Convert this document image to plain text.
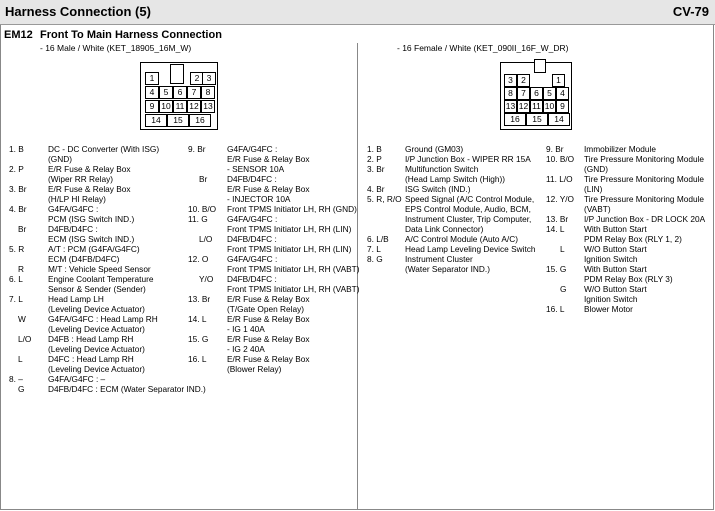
Harness Connection (5)	CV-79
EM12 Front To Main Harness Connection
- 16 Male / White (KET_18905_16M_W)	- 16 Female / White (KET_090II_16F_W_DR)
1	2 3
4	5	6	7	8
9 10 11 12 13
14	15	16
3 2	1
8 7 6 5 4
13 12 11 10 9
16	15	14
1. B	DC - DC Converter (With ISG)
(GND)
2. P	E/R Fuse & Relay Box
(Wiper RR Relay)
3. Br	E/R Fuse & Relay Box
(H/LP HI Relay)
4. Br	G4FA/G4FC :
PCM (ISG Switch IND.)
Br	D4FB/D4FC :
ECM (ISG Switch IND.)
5. R	A/T : PCM (G4FA/G4FC)
ECM (D4FB/D4FC)
R	M/T : Vehicle Speed Sensor
6. L	Engine Coolant Temperature
Sensor & Sender (Sender)
7. L	Head Lamp LH
(Leveling Device Actuator)
W	G4FA/G4FC : Head Lamp RH
(Leveling Device Actuator)
L/O D4FB : Head Lamp RH
(Leveling Device Actuator)
L	D4FC : Head Lamp RH
(Leveling Device Actuator)
8. –	G4FA/G4FC : –
G	D4FB/D4FC : ECM (Water Separator IND.)
9. Br	G4FA/G4FC :
E/R Fuse & Relay Box
- SENSOR 10A
Br D4FB/D4FC :
E/R Fuse & Relay Box
- INJECTOR 10A
10. B/O Front TPMS Initiator LH, RH (GND)
11. G G4FA/G4FC :
Front TPMS Initiator LH, RH (LIN)
L/O D4FB/D4FC :
Front TPMS Initiator LH, RH (LIN)
12. O G4FA/G4FC :
Front TPMS Initiator LH, RH (VABT)
Y/O D4FB/D4FC :
Front TPMS Initiator LH, RH (VABT)
13. Br E/R Fuse & Relay Box
(T/Gate Open Relay)
14. L E/R Fuse & Relay Box
- IG 1 40A
15. G E/R Fuse & Relay Box
- IG 2 40A
16. L E/R Fuse & Relay Box
(Blower Relay)
1. B	Ground (GM03)
2. P	I/P Junction Box - WIPER RR 15A
3. Br Multifunction Switch
(Head Lamp Switch (High))
4. Br ISG Switch (IND.)
5. R, R/O Speed Signal (A/C Control Module,
EPS Control Module, Audio, BCM,
Instrument Cluster, Trip Computer,
Data Link Connector)
6. L/B A/C Control Module (Auto A/C)
7. L	Head Lamp Leveling Device Switch
8. G	Instrument Cluster
(Water Separator IND.)
9. Br Immobilizer Module
10. B/O Tire Pressure Monitoring Module
(GND)
11. L/O Tire Pressure Monitoring Module
(LIN)
12. Y/O Tire Pressure Monitoring Module
(VABT)
13. Br I/P Junction Box - DR LOCK 20A
14. L With Button Start
PDM Relay Box (RLY 1, 2)
L W/O Button Start
Ignition Switch
15. G With Button Start
PDM Relay Box (RLY 3)
G W/O Button Start
Ignition Switch
16. L Blower Motor
